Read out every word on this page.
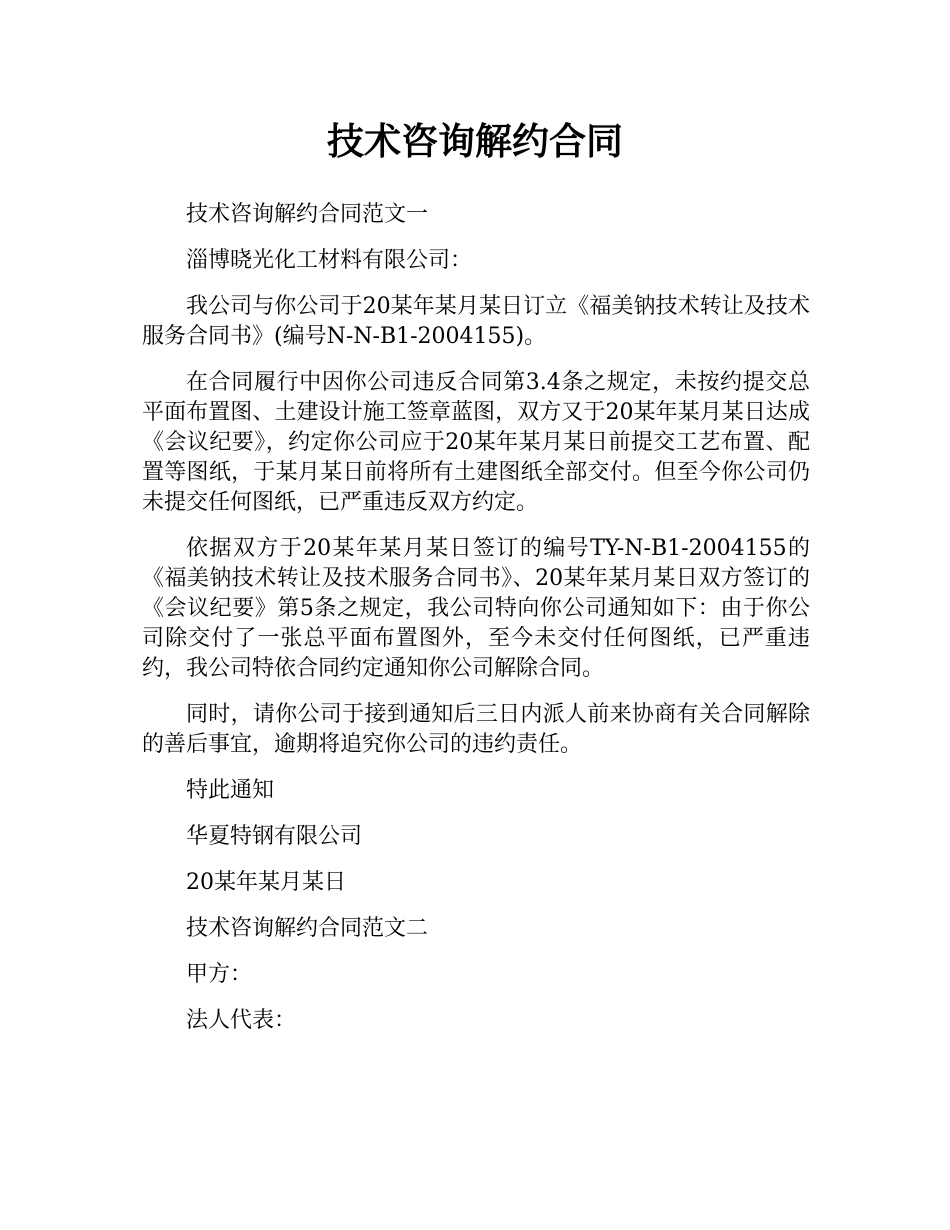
技术咨询解约合同

技术咨询解约合同范文一

淄博晓光化工材料有限公司：

我公司与你公司于20某年某月某日订立《福美钠技术转让及技术服务合同书》(编号N-N-B1-2004155)。

在合同履行中因你公司违反合同第3.4条之规定，未按约提交总平面布置图、土建设计施工签章蓝图，双方又于20某年某月某日达成《会议纪要》，约定你公司应于20某年某月某日前提交工艺布置、配置等图纸，于某月某日前将所有土建图纸全部交付。但至今你公司仍未提交任何图纸，已严重违反双方约定。

依据双方于20某年某月某日签订的编号TY-N-B1-2004155的《福美钠技术转让及技术服务合同书》、20某年某月某日双方签订的《会议纪要》第5条之规定，我公司特向你公司通知如下：由于你公司除交付了一张总平面布置图外，至今未交付任何图纸，已严重违约，我公司特依合同约定通知你公司解除合同。

同时，请你公司于接到通知后三日内派人前来协商有关合同解除的善后事宜，逾期将追究你公司的违约责任。

特此通知

华夏特钢有限公司

20某年某月某日

技术咨询解约合同范文二

甲方：

法人代表：
